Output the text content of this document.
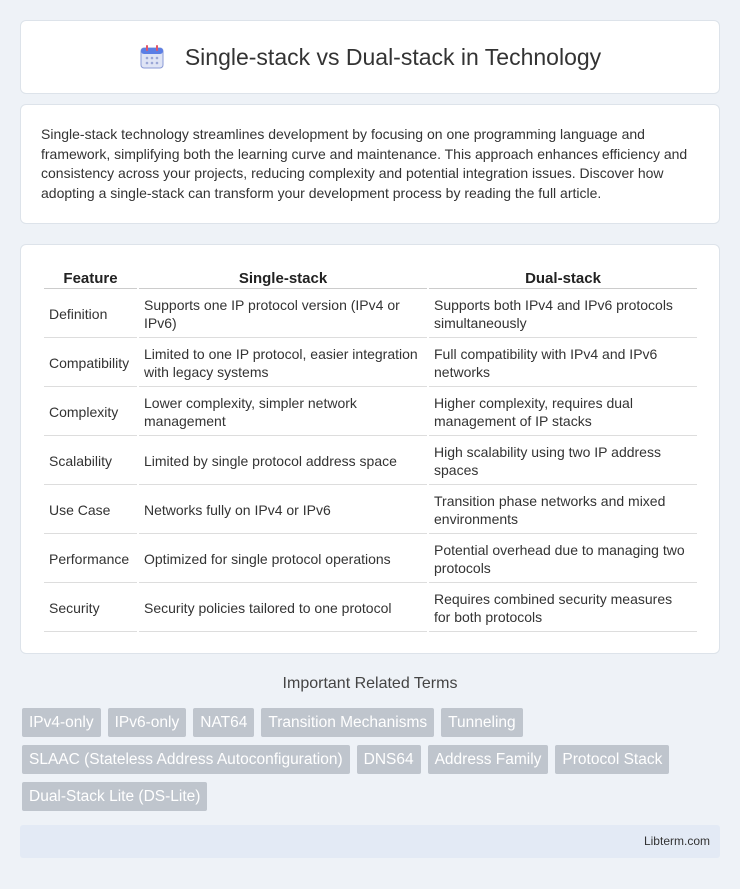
Single-stack vs Dual-stack in Technology

Single-stack technology streamlines development by focusing on one programming language and framework, simplifying both the learning curve and maintenance. This approach enhances efficiency and consistency across your projects, reducing complexity and potential integration issues. Discover how adopting a single-stack can transform your development process by reading the full article.

Feature	Single-stack	Dual-stack
Definition	Supports one IP protocol version (IPv4 or IPv6)	Supports both IPv4 and IPv6 protocols simultaneously
Compatibility	Limited to one IP protocol, easier integration with legacy systems	Full compatibility with IPv4 and IPv6 networks
Complexity	Lower complexity, simpler network management	Higher complexity, requires dual management of IP stacks
Scalability	Limited by single protocol address space	High scalability using two IP address spaces
Use Case	Networks fully on IPv4 or IPv6	Transition phase networks and mixed environments
Performance	Optimized for single protocol operations	Potential overhead due to managing two protocols
Security	Security policies tailored to one protocol	Requires combined security measures for both protocols
Important Related Terms
IPv4-only	IPv6-only	NAT64	Transition Mechanisms	Tunneling
SLAAC (Stateless Address Autoconfiguration)	DNS64	Address Family	Protocol Stack
Dual-Stack Lite (DS-Lite)
Libterm.com
